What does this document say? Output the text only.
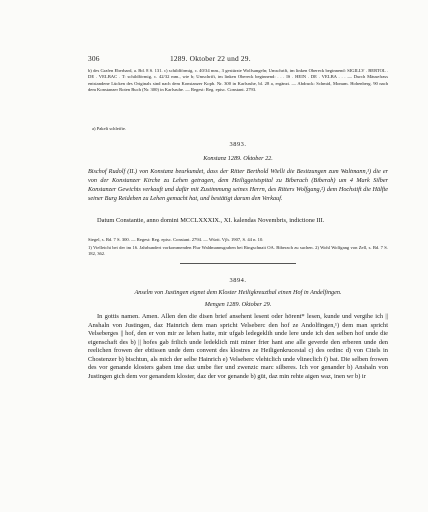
306	1289. Oktober 22 und 29.

b) des Grafen Eberhard, a. Bd. 8 S. 131. c) schildförmig, c. 40/34 mm., 3 gestürzte Wolfsangeln; Umschrift, im linken Obereck beginnend: SIGILLV . BERTOL . DE . VELBAC . T: schildförmig, c. 42/32 mm., wie b; Umschrift, im linken Obereck beginnend: . . . IS . HEIN . DE . VELBA . . . — Durch Mäusefrass entstandene Lücken des Originals sind nach dem Konstanzer Kopb. Nr. 300 in Karlsruhe, bl. 28 a, ergänzt. — Abdruck: Schmid, Monum. Hohenberg. 90 nach dem Konstanzer Roten Buch (Nr. 300) in Karlsruhe. — Regest: Reg. episc. Constant. 2793.

a) Pakeli schleifte.

3893.
Konstanz 1289. Oktober 22.

Bischof Rudolf (II.) von Konstanz beurkundet, dass der Ritter Berthold Wielli die Besitzungen zum Waltmann,¹) die er von der Konstanzer Kirche zu Lehen getragen, dem Heiliggeistspital zu Biberach (Biberah) um 4 Mark Silber Konstanzer Gewichts verkauft und dafür mit Zustimmung seines Herrn, des Ritters Wolfgang,²) dem Hochstift die Hälfte seiner Burg Reideben zu Lehen gemacht hat, und bestätigt darum den Verkauf.

Datum Constantie, anno domini MCCLXXXIX., XI. kalendas Novembris, indictione III.

Siegel, s. Bd. 7 S. 300. — Regest: Reg. episc. Constant. 2794. — Württ. Vjh. 1907, S. 44 n. 10.

1) Vielleicht bei der im 16. Jahrhundert vorkommenden Flur Waldmannsgraben bei Ringschnait OA. Biberach zu suchen. 2) Wohl Wolfgang von Zell, s. Bd. 7 S. 182, 362.

3894.

Anselm von Justingen eignet dem Kloster Heiligkreuzthal einen Hof in Andelfingen.

Mengen 1289. Oktober 29.

In gottis namen. Amen. Allen den die disen brief ansehent lesent oder hörent* lesen, kunde und vergihe ich || Anshaln von Justingen, daz Hainrich dem man spricht Velseberc den hof ze Andolfingen,¹) dem man spricht Velseberges || hof, den er von mir ze lehen hatte, mir ufgab ledegeklih unde lere unde ich den selben hof unde die eigenschaft des b) || hofes gab frilich unde ledeklich mit miner frier hant ane alle geverde den erberen unde den reelichen frowen der ebtissen unde dem convent des klostres ze Heiligenkrucestal c) des ordinc d) von Citels in Chostenzer b) bischtun, als mich der selbe Hainrich e) Velseberc vlehtclich unde vlineclich f) bat. Die selben frowen des vor genande klosters gaben ime daz umbe fier und zwenzic marc silberes. Ich vor genander b) Anshaln von Justingen gich dem vor genandem kloster, daz der vor genande b) güt, daz min rehte aigen waz, inen wr b) ir
